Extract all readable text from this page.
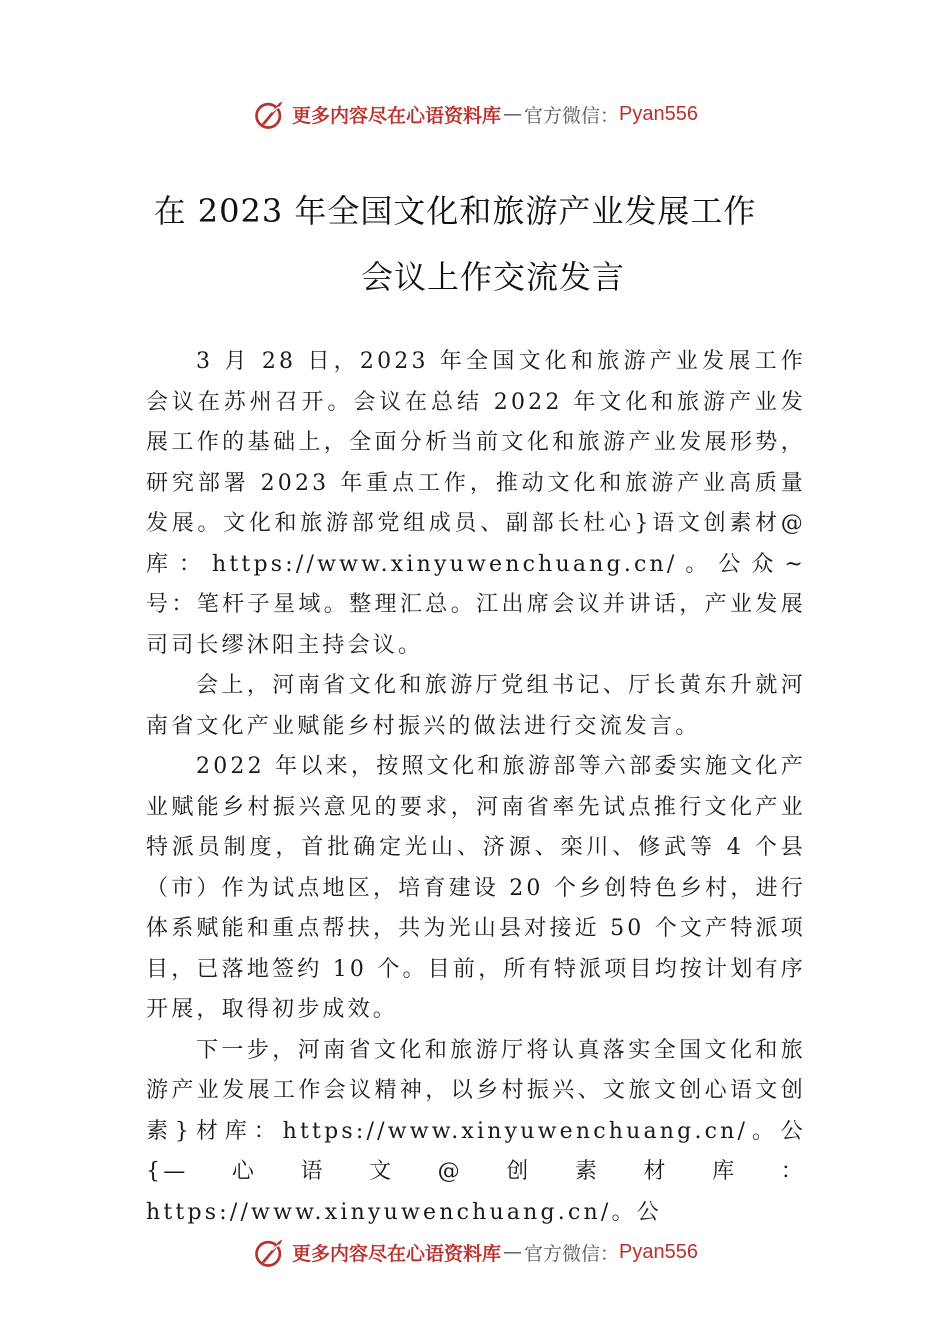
更多内容尽在心语资料库 — 官方微信： Pyan556
在 2023 年全国文化和旅游产业发展工作
会议上作交流发言

3 月 28 日，2023 年全国文化和旅游产业发展工作会议在苏州召开。会议在总结 2022 年文化和旅游产业发展工作的基础上，全面分析当前文化和旅游产业发展形势，研究部署 2023 年重点工作，推动文化和旅游产业高质量发展。文化和旅游部党组成员、副部长杜心}语文创素材@库：https://www.xinyuwenchuang.cn/。公众~号：笔杆子星域。整理汇总。江出席会议并讲话，产业发展司司长缪沐阳主持会议。

会上，河南省文化和旅游厅党组书记、厅长黄东升就河南省文化产业赋能乡村振兴的做法进行交流发言。

2022 年以来，按照文化和旅游部等六部委实施文化产业赋能乡村振兴意见的要求，河南省率先试点推行文化产业特派员制度，首批确定光山、济源、栾川、修武等 4 个县（市）作为试点地区，培育建设 20 个乡创特色乡村，进行体系赋能和重点帮扶，共为光山县对接近 50 个文产特派项目，已落地签约 10 个。目前，所有特派项目均按计划有序开展，取得初步成效。

下一步，河南省文化和旅游厅将认真落实全国文化和旅游产业发展工作会议精神，以乡村振兴、文旅文创心语文创素}材库：https://www.xinyuwenchuang.cn/。公{—心语文@创素材库：https://www.xinyuwenchuang.cn/。公

更多内容尽在心语资料库 — 官方微信： Pyan556
